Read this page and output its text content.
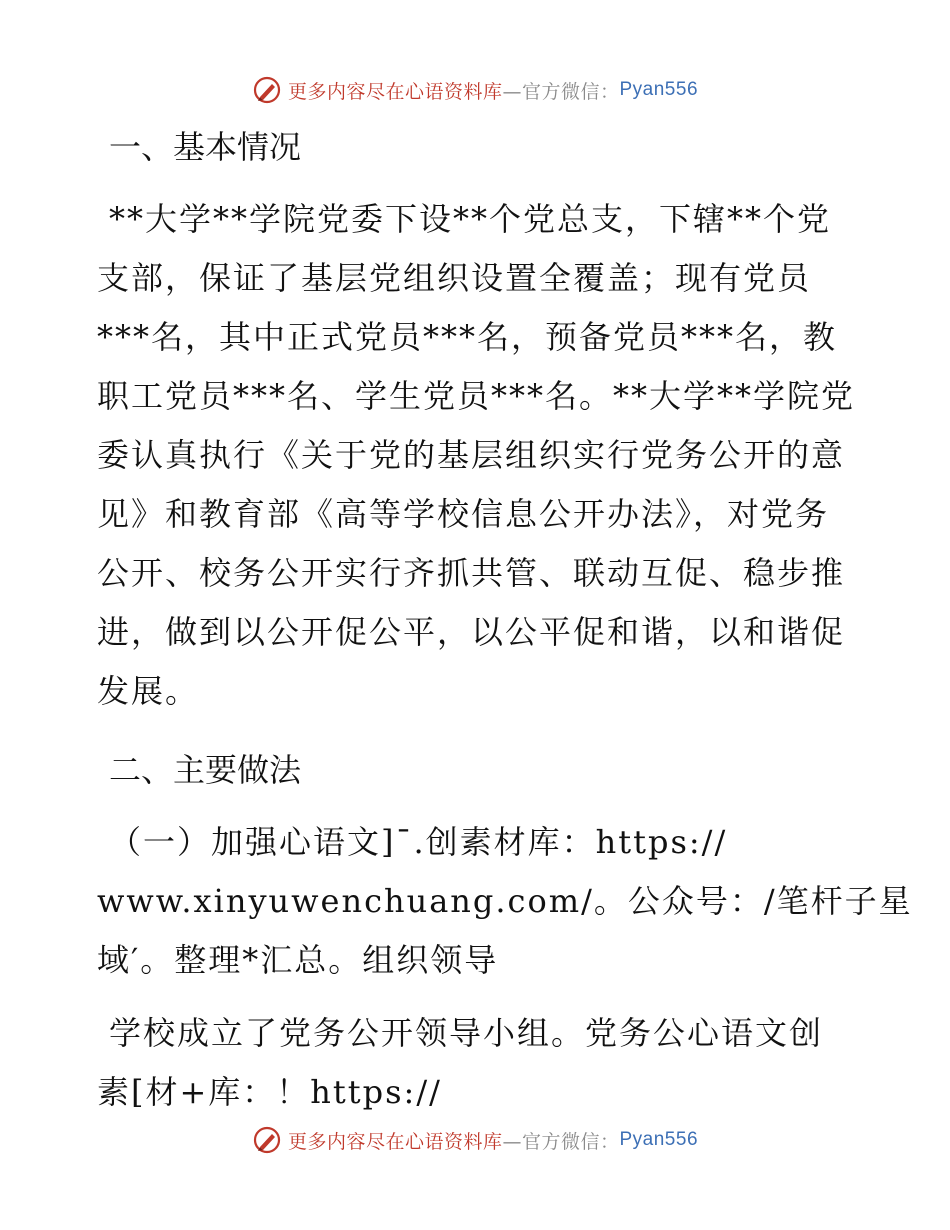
更多内容尽在心语资料库 —官方微信： Pyan556
一、基本情况
**大学**学院党委下设**个党总支，下辖**个党
支部，保证了基层党组织设置全覆盖；现有党员
***名，其中正式党员***名，预备党员***名，教
职工党员***名、学生党员***名。**大学**学院党
委认真执行《关于党的基层组织实行党务公开的意
见》和教育部《高等学校信息公开办法》，对党务
公开、校务公开实行齐抓共管、联动互促、稳步推
进，做到以公开促公平，以公平促和谐，以和谐促
发展。
二、主要做法
（一）加强心语文]¯.创素材库：https://
www.xinyuwenchuang.com/。公众号：/笔杆子星
域′。整理*汇总。组织领导
学校成立了党务公开领导小组。党务公心语文创
素[材+库：！https://
更多内容尽在心语资料库 —官方微信： Pyan556
